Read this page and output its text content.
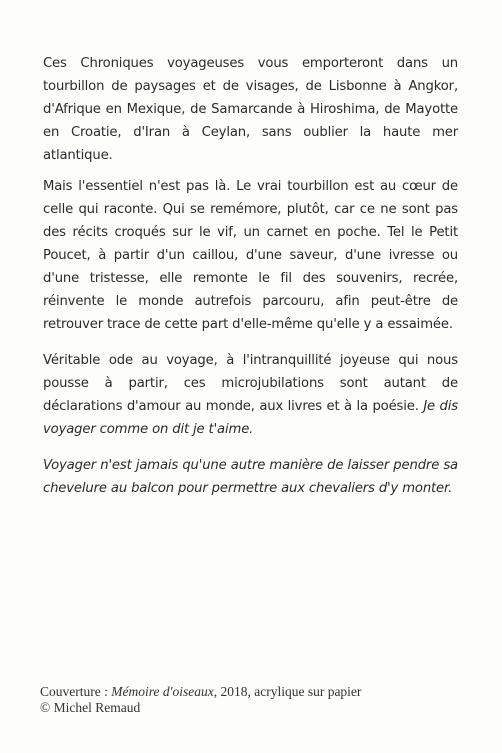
Ces Chroniques voyageuses vous emporteront dans un tourbillon de paysages et de visages, de Lisbonne à Angkor, d'Afrique en Mexique, de Samarcande à Hiroshima, de Mayotte en Croatie, d'Iran à Ceylan, sans oublier la haute mer atlantique.

Mais l'essentiel n'est pas là. Le vrai tourbillon est au cœur de celle qui raconte. Qui se remémore, plutôt, car ce ne sont pas des récits croqués sur le vif, un carnet en poche. Tel le Petit Poucet, à partir d'un caillou, d'une saveur, d'une ivresse ou d'une tristesse, elle remonte le fil des souvenirs, recrée, réinvente le monde autrefois parcouru, afin peut-être de retrouver trace de cette part d'elle-même qu'elle y a essaimée.

Véritable ode au voyage, à l'intranquillité joyeuse qui nous pousse à partir, ces microjubilations sont autant de déclarations d'amour au monde, aux livres et à la poésie. Je dis voyager comme on dit je t'aime.

Voyager n'est jamais qu'une autre manière de laisser pendre sa chevelure au balcon pour permettre aux chevaliers d'y monter.

Couverture : Mémoire d'oiseaux, 2018, acrylique sur papier
© Michel Remaud
